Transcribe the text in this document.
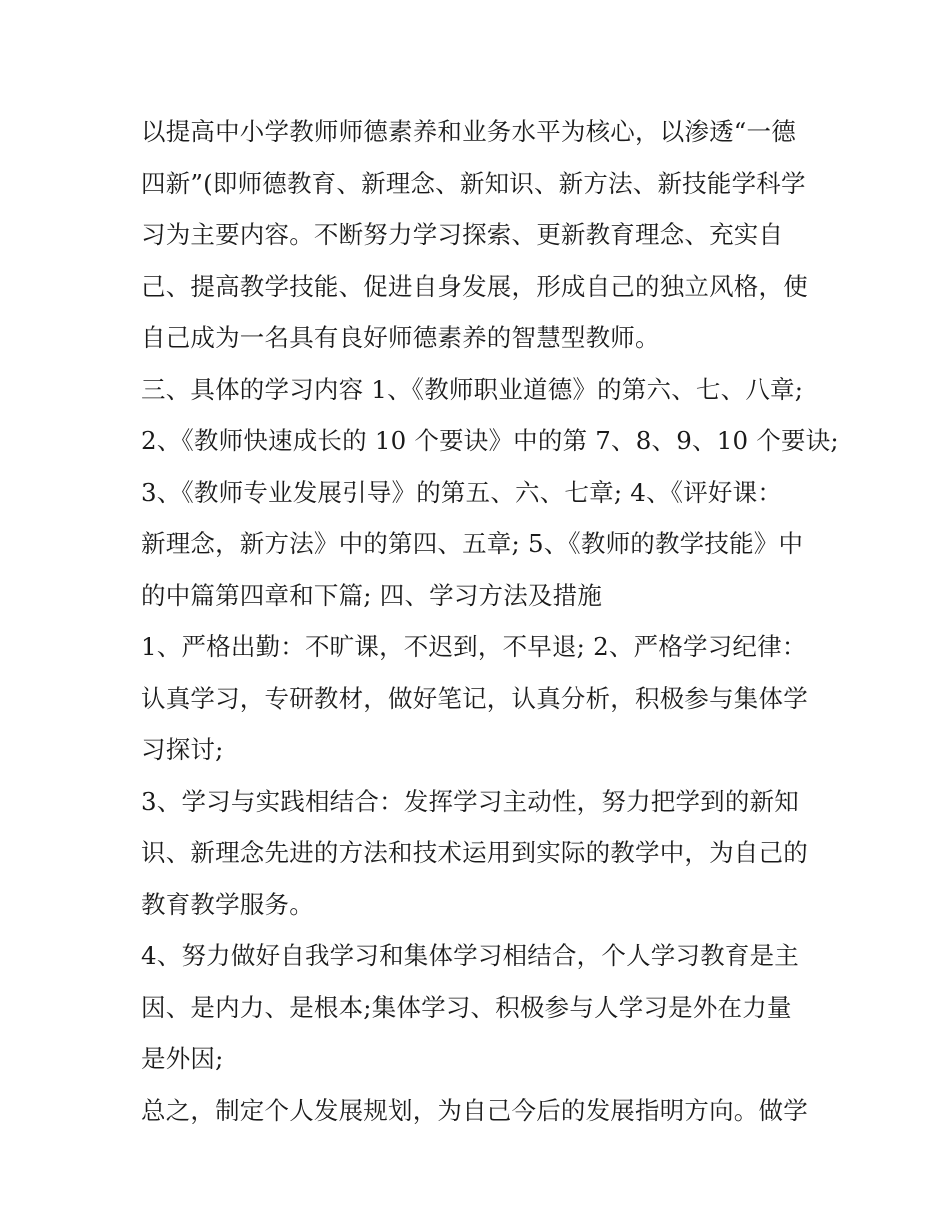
以提高中小学教师师德素养和业务水平为核心，以渗透“一德
四新”(即师德教育、新理念、新知识、新方法、新技能学科学
习为主要内容。不断努力学习探索、更新教育理念、充实自
己、提高教学技能、促进自身发展，形成自己的独立风格，使
自己成为一名具有良好师德素养的智慧型教师。
三、具体的学习内容 1、《教师职业道德》的第六、七、八章;
2、《教师快速成长的 10 个要诀》中的第 7、8、9、10 个要诀;
3、《教师专业发展引导》的第五、六、七章; 4、《评好课：
新理念，新方法》中的第四、五章; 5、《教师的教学技能》中
的中篇第四章和下篇; 四、学习方法及措施
1、严格出勤：不旷课，不迟到，不早退; 2、严格学习纪律：
认真学习，专研教材，做好笔记，认真分析，积极参与集体学
习探讨;
3、学习与实践相结合：发挥学习主动性，努力把学到的新知
识、新理念先进的方法和技术运用到实际的教学中，为自己的
教育教学服务。
4、努力做好自我学习和集体学习相结合，个人学习教育是主
因、是内力、是根本;集体学习、积极参与人学习是外在力量
是外因;
总之，制定个人发展规划，为自己今后的发展指明方向。做学
